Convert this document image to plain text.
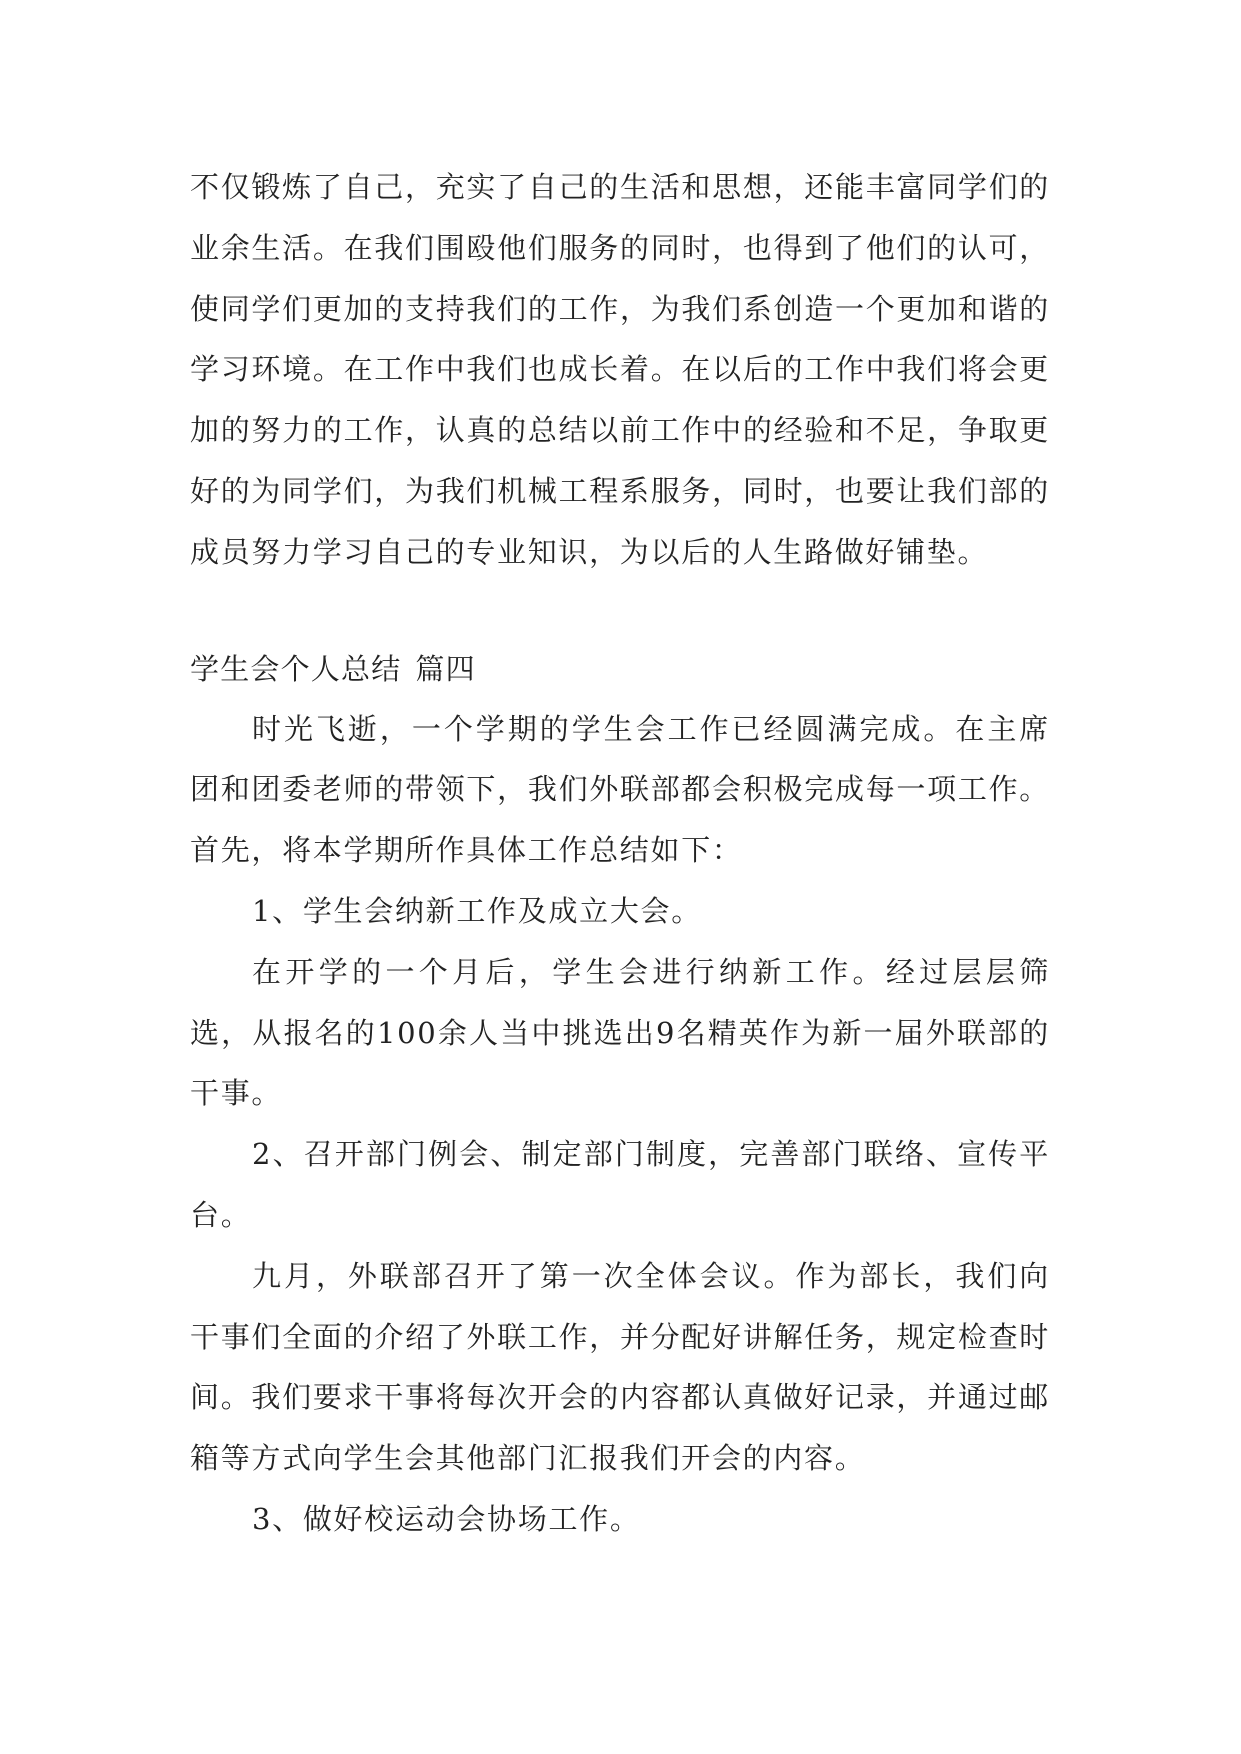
不仅锻炼了自己，充实了自己的生活和思想，还能丰富同学们的业余生活。在我们围殴他们服务的同时，也得到了他们的认可，使同学们更加的支持我们的工作，为我们系创造一个更加和谐的学习环境。在工作中我们也成长着。在以后的工作中我们将会更加的努力的工作，认真的总结以前工作中的经验和不足，争取更好的为同学们，为我们机械工程系服务，同时，也要让我们部的成员努力学习自己的专业知识，为以后的人生路做好铺垫。

学生会个人总结 篇四

时光飞逝，一个学期的学生会工作已经圆满完成。在主席团和团委老师的带领下，我们外联部都会积极完成每一项工作。首先，将本学期所作具体工作总结如下：

1、学生会纳新工作及成立大会。

在开学的一个月后，学生会进行纳新工作。经过层层筛选，从报名的100余人当中挑选出9名精英作为新一届外联部的干事。

2、召开部门例会、制定部门制度，完善部门联络、宣传平台。

九月，外联部召开了第一次全体会议。作为部长，我们向干事们全面的介绍了外联工作，并分配好讲解任务，规定检查时间。我们要求干事将每次开会的内容都认真做好记录，并通过邮箱等方式向学生会其他部门汇报我们开会的内容。

3、做好校运动会协场工作。
